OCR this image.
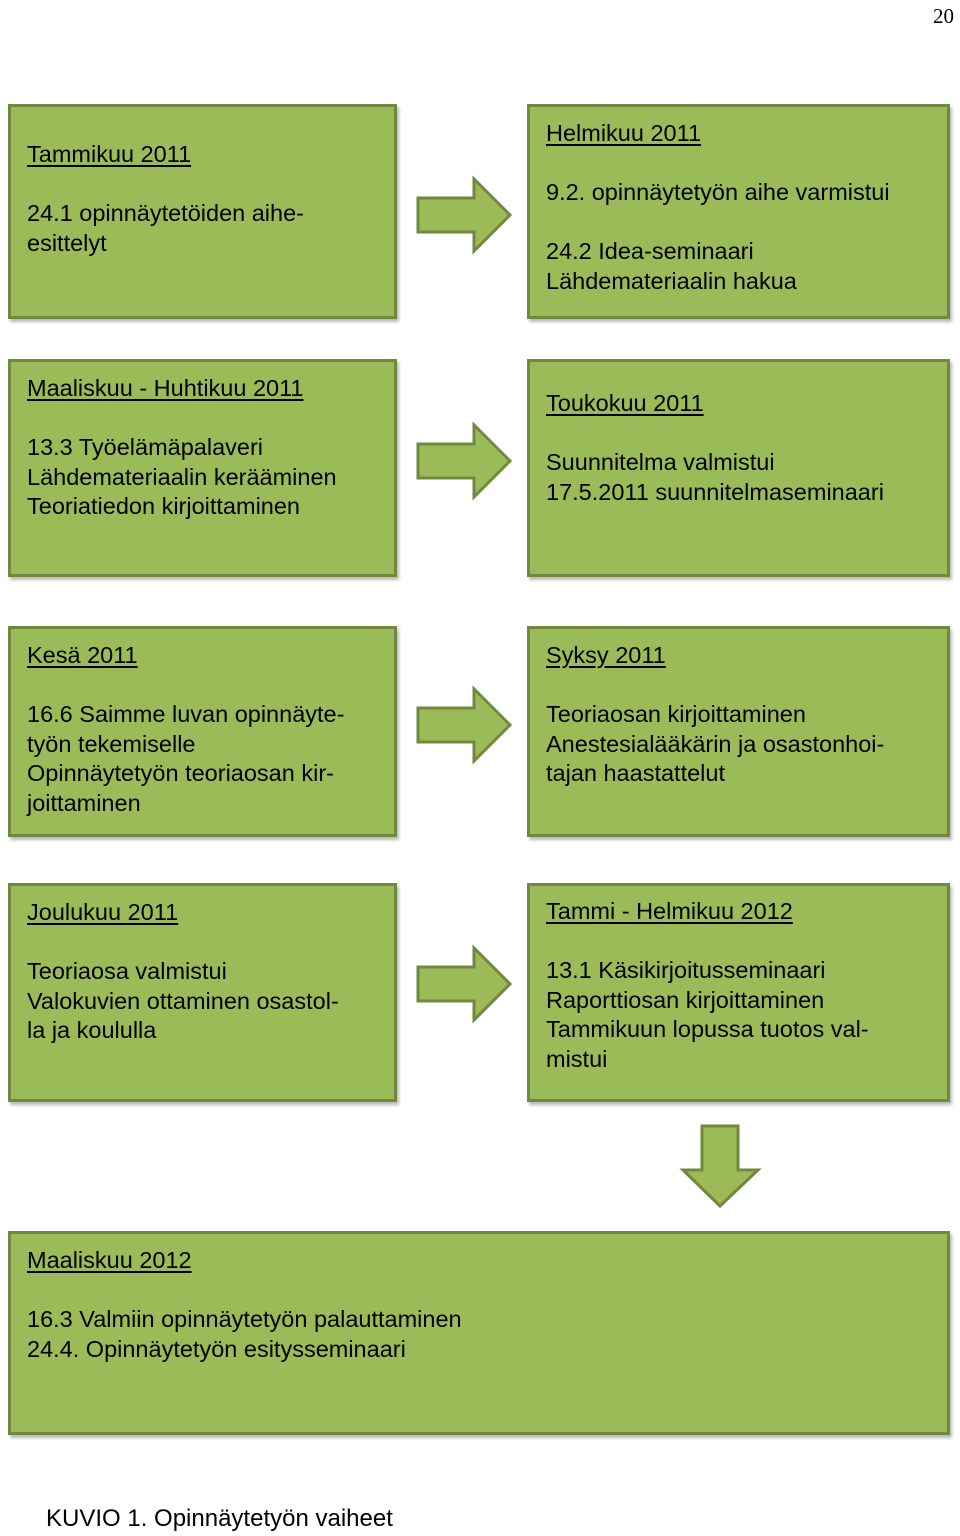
20
Tammikuu 2011
24.1 opinnäytetöiden aihe-
esittelyt
Helmikuu 2011
9.2. opinnäytetyön aihe varmistui
24.2 Idea-seminaari
Lähdemateriaalin hakua
Maaliskuu - Huhtikuu 2011
13.3 Työelämäpalaveri
Lähdemateriaalin kerääminen
Teoriatiedon kirjoittaminen
Toukokuu 2011
Suunnitelma valmistui
17.5.2011 suunnitelmaseminaari
Kesä 2011
16.6 Saimme luvan opinnäyte-
työn tekemiselle
Opinnäytetyön teoriaosan kir-
joittaminen
Syksy 2011
Teoriaosan kirjoittaminen
Anestesialääkärin ja osastonhoi-
tajan haastattelut
Joulukuu 2011
Teoriaosa valmistui
Valokuvien ottaminen osastol-
la ja koululla
Tammi - Helmikuu 2012
13.1 Käsikirjoitusseminaari
Raporttiosan kirjoittaminen
Tammikuun lopussa tuotos val-
mistui
Maaliskuu 2012
16.3 Valmiin opinnäytetyön palauttaminen
24.4. Opinnäytetyön esitysseminaari
KUVIO 1. Opinnäytetyön vaiheet
